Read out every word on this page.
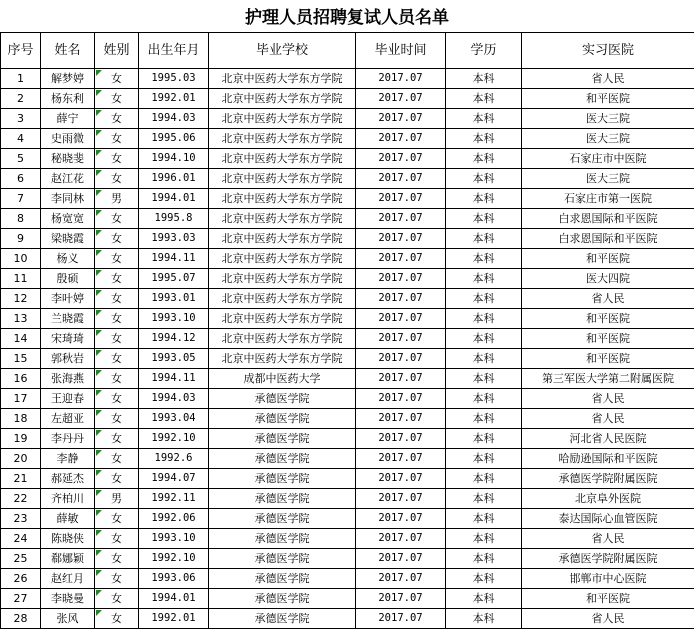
护理人员招聘复试人员名单
序号	姓名	姓别	出生年月	毕业学校	毕业时间	学历	实习医院
1	解梦婷	女	1995.03	北京中医药大学东方学院	2017.07	本科	省人民
2	杨东利	女	1992.01	北京中医药大学东方学院	2017.07	本科	和平医院
3	薛宁	女	1994.03	北京中医药大学东方学院	2017.07	本科	医大三院
4	史雨微	女	1995.06	北京中医药大学东方学院	2017.07	本科	医大三院
5	秘晓斐	女	1994.10	北京中医药大学东方学院	2017.07	本科	石家庄市中医院
6	赵江花	女	1996.01	北京中医药大学东方学院	2017.07	本科	医大三院
7	李同林	男	1994.01	北京中医药大学东方学院	2017.07	本科	石家庄市第一医院
8	杨宽宽	女	1995.8	北京中医药大学东方学院	2017.07	本科	白求恩国际和平医院
9	梁晓霞	女	1993.03	北京中医药大学东方学院	2017.07	本科	白求恩国际和平医院
10	杨义	女	1994.11	北京中医药大学东方学院	2017.07	本科	和平医院
11	殷硕	女	1995.07	北京中医药大学东方学院	2017.07	本科	医大四院
12	李叶婷	女	1993.01	北京中医药大学东方学院	2017.07	本科	省人民
13	兰晓霞	女	1993.10	北京中医药大学东方学院	2017.07	本科	和平医院
14	宋琦琦	女	1994.12	北京中医药大学东方学院	2017.07	本科	和平医院
15	郭秋岩	女	1993.05	北京中医药大学东方学院	2017.07	本科	和平医院
16	张海燕	女	1994.11	成都中医药大学	2017.07	本科	第三军医大学第二附属医院
17	王迎春	女	1994.03	承德医学院	2017.07	本科	省人民
18	左超亚	女	1993.04	承德医学院	2017.07	本科	省人民
19	李丹丹	女	1992.10	承德医学院	2017.07	本科	河北省人民医院
20	李静	女	1992.6	承德医学院	2017.07	本科	哈励逊国际和平医院
21	郝延杰	女	1994.07	承德医学院	2017.07	本科	承德医学院附属医院
22	齐柏川	男	1992.11	承德医学院	2017.07	本科	北京阜外医院
23	薛敏	女	1992.06	承德医学院	2017.07	本科	泰达国际心血管医院
24	陈晓侠	女	1993.10	承德医学院	2017.07	本科	省人民
25	郗娜颖	女	1992.10	承德医学院	2017.07	本科	承德医学院附属医院
26	赵红月	女	1993.06	承德医学院	2017.07	本科	邯郸市中心医院
27	李晓曼	女	1994.01	承德医学院	2017.07	本科	和平医院
28	张风	女	1992.01	承德医学院	2017.07	本科	省人民
